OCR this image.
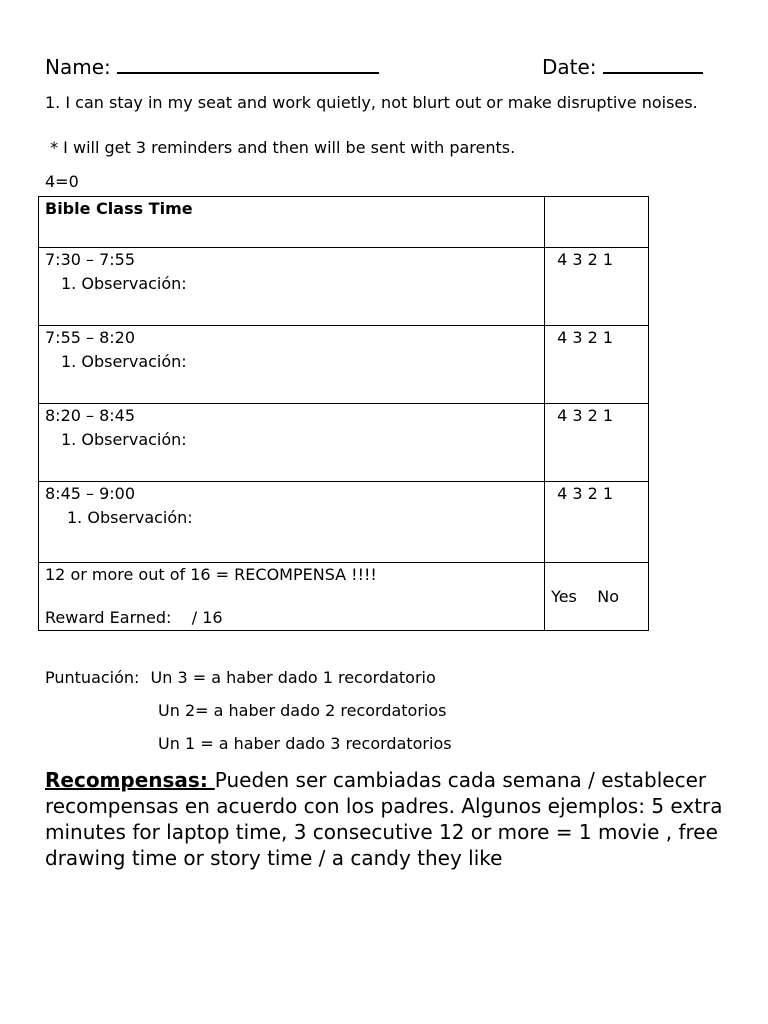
Name:	Date:
1. I can stay in my seat and work quietly, not blurt out or make disruptive noises.
* I will get 3 reminders and then will be sent with parents.
4=0
Bible Class Time	

7:30 – 7:55
1. Observación:	4 3 2 1

7:55 – 8:20
1. Observación:	4 3 2 1

8:20 – 8:45
1. Observación:	4 3 2 1

8:45 – 9:00
1. Observación:	4 3 2 1

12 or more out of 16 = RECOMPENSA !!!!
Reward Earned:    / 16	Yes    No
Puntuación: Un 3 = a haber dado 1 recordatorio
Un 2= a haber dado 2 recordatorios
Un 1 = a haber dado 3 recordatorios
Recompensas: Pueden ser cambiadas cada semana / establecer recompensas en acuerdo con los padres. Algunos ejemplos: 5 extra minutes for laptop time, 3 consecutive 12 or more = 1 movie , free drawing time or story time / a candy they like
